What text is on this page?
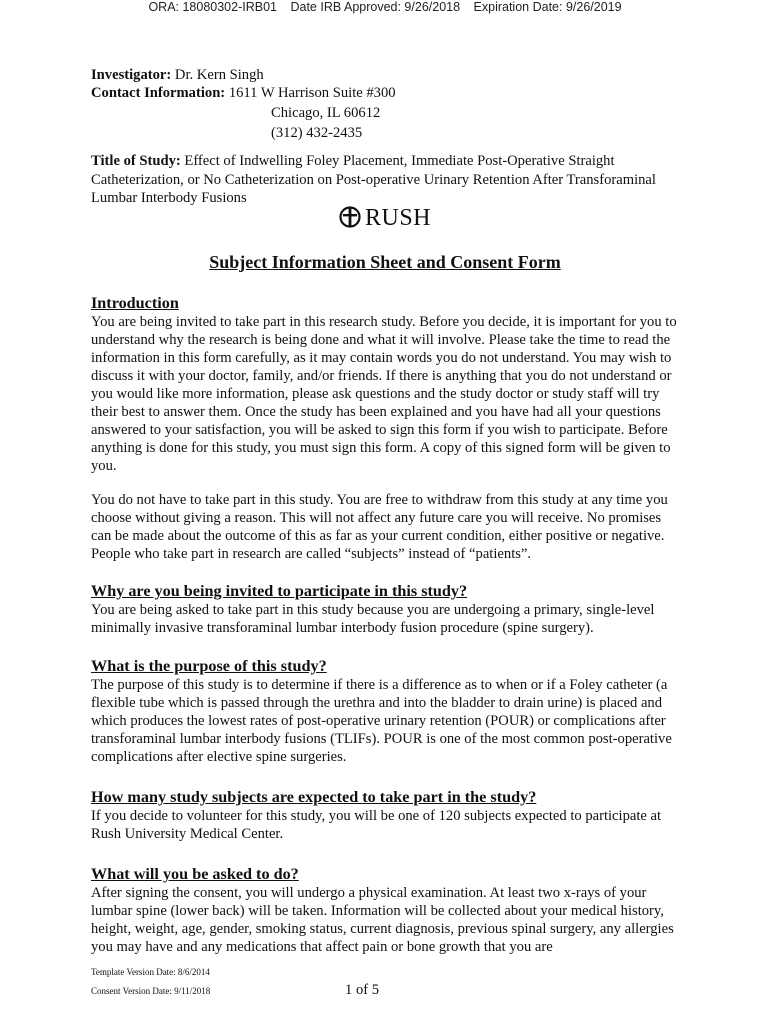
ORA: 18080302-IRB01 Date IRB Approved: 9/26/2018 Expiration Date: 9/26/2019
Investigator: Dr. Kern Singh
Contact Information: 1611 W Harrison Suite #300
Chicago, IL 60612
(312) 432-2435
Title of Study: Effect of Indwelling Foley Placement, Immediate Post-Operative Straight Catheterization, or No Catheterization on Post-operative Urinary Retention After Transforaminal Lumbar Interbody Fusions
RUSH
Subject Information Sheet and Consent Form
Introduction

You are being invited to take part in this research study. Before you decide, it is important for you to understand why the research is being done and what it will involve. Please take the time to read the information in this form carefully, as it may contain words you do not understand. You may wish to discuss it with your doctor, family, and/or friends. If there is anything that you do not understand or you would like more information, please ask questions and the study doctor or study staff will try their best to answer them. Once the study has been explained and you have had all your questions answered to your satisfaction, you will be asked to sign this form if you wish to participate. Before anything is done for this study, you must sign this form. A copy of this signed form will be given to you.

You do not have to take part in this study. You are free to withdraw from this study at any time you choose without giving a reason. This will not affect any future care you will receive. No promises can be made about the outcome of this as far as your current condition, either positive or negative. People who take part in research are called “subjects” instead of “patients”.

Why are you being invited to participate in this study?

You are being asked to take part in this study because you are undergoing a primary, single-level minimally invasive transforaminal lumbar interbody fusion procedure (spine surgery).

What is the purpose of this study?

The purpose of this study is to determine if there is a difference as to when or if a Foley catheter (a flexible tube which is passed through the urethra and into the bladder to drain urine) is placed and which produces the lowest rates of post-operative urinary retention (POUR) or complications after transforaminal lumbar interbody fusions (TLIFs). POUR is one of the most common post-operative complications after elective spine surgeries.

How many study subjects are expected to take part in the study?

If you decide to volunteer for this study, you will be one of 120 subjects expected to participate at Rush University Medical Center.

What will you be asked to do?

After signing the consent, you will undergo a physical examination. At least two x-rays of your lumbar spine (lower back) will be taken. Information will be collected about your medical history, height, weight, age, gender, smoking status, current diagnosis, previous spinal surgery, any allergies you may have and any medications that affect pain or bone growth that you are

Template Version Date: 8/6/2014
Consent Version Date: 9/11/2018	1 of 5
